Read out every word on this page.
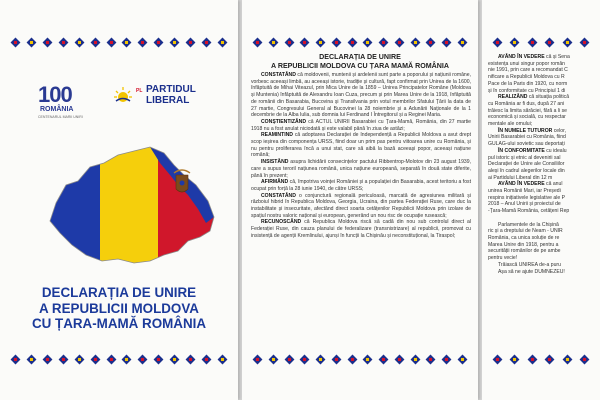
100
ROMÂNIA
CENTENARUL MARII UNIRI
PL PARTIDUL
LIBERAL
DECLARAȚIA DE UNIRE
A REPUBLICII MOLDOVA
CU ȚARA-MAMĂ ROMÂNIA
DECLARAȚIA DE UNIRE
A REPUBLICII MOLDOVA CU ȚARA MAMĂ ROMÂNIA

CONSTATÂND că moldovenii, muntenii și ardelenii sunt parte a poporului și națiunii române, vorbesc aceeași limbă, au aceeași istorie, tradiție și cultură, fapt confirmat prin Unirea de la 1600, înfăptuită de Mihai Viteazul, prin Mica Unire de la 1859 – Unirea Principatelor Române (Moldova și Muntenia) înfăptuită de Alexandru Ioan Cuza, precum și prin Marea Unire de la 1918, înfăptuită de românii din Basarabia, Bucovina și Transilvania prin votul membrilor Sfatului Țării la data de 27 martie, Congresului General al Bucovinei la 28 noiembrie și a Adunării Naționale de la 1 decembrie de la Alba Iulia, sub domnia lui Ferdinand I Întregitorul și a Reginei Maria.

CONȘTIENTIZÂND că ACTUL UNIRII Basarabiei cu Țara-Mamă, România, din 27 martie 1918 nu a fost anulat niciodată și este valabil până în ziua de astăzi;

REAMINTIND că adoptarea Declarației de Independență a Republicii Moldova a avut drept scop ieșirea din componența URSS, fiind doar un prim pas pentru viitoarea unire cu România, și nu pentru proliferarea încă a unui stat, care să aibă la bază aceeași popor, aceeași națiune română;

INSISTÂND asupra lichidării consecințelor pactului Ribbentrop-Molotov din 23 august 1939, care a supus teroril națiunea română, unica națiune europeană, separată în două state diferite, până în prezent;

AFIRMÂND că, împotriva voinței României și a populației din Basarabia, acest teritoriu a fost ocupat prin forță la 28 iunie 1940, de către URSS;

CONSTATÂND o conjunctură regională periculoasă, marcată de agresiunea militară și războiul hibrid în Republica Moldova, Georgia, Ucraina, din partea Federației Ruse, care duc la instabilitate și insecuritate, afectând direct soarta cetățenilor Republicii Moldova prin izolare de spațiul nostru valoric național și european, generând un nou risc de ocupație rusească;

RECUNOSCÂND că Republica Moldova riscă să cadă din nou sub controlul direct al Federației Ruse, din cauza planului de federalizare (transnistrizare) al republicii, promovat cu insistență de agenții Kremlinului, ajunși în funcții la Chișinău și neconstituțional, la Tiraspol;

AVÂND ÎN VEDERE că și Sena
existența unui singur popor român
nie 1991, prin care a recomandat C
nificare a Republicii Moldova cu R
Pace de la Paris din 1920, cu norm
și în conformitate cu Principiul 1 di
REALIZÂND că situația politică
cu România ar fi dus, după 27 ani
trăiesc la limita sărăciei, fără a li se
economică și socială, cu respectar
mentale ale omului;
ÎN NUMELE TUTUROR celor,
Unirii Basarabiei cu România, fiind
GULAG-ului sovietic sau deportați
ÎN CONFORMITATE cu idealu
pul istoric și etnic al devenirii sal
Declarației de Unire ale Consiliilor
aleși în cadrul alegerilor locale din
ai Partidului Liberal din 12 m
AVÂND ÎN VEDERE că anul
unirea Românii Mari, iar Președi
respins inițiativele legislative ale P
2018 – Anul Unirii și proiectul de
-Țara-Mamă România, cetățeni Rep

Parlamentele de la Chișină
ric și a dreptului de Neam - UNIR
România, ca unica soluție de re
Marea Unire din 1918, pentru a
securității românilor de pe ambe
pentru vecie!
Trăiască UNIREA de-a puru
Așa să ne ajute DUMNEZEU!
